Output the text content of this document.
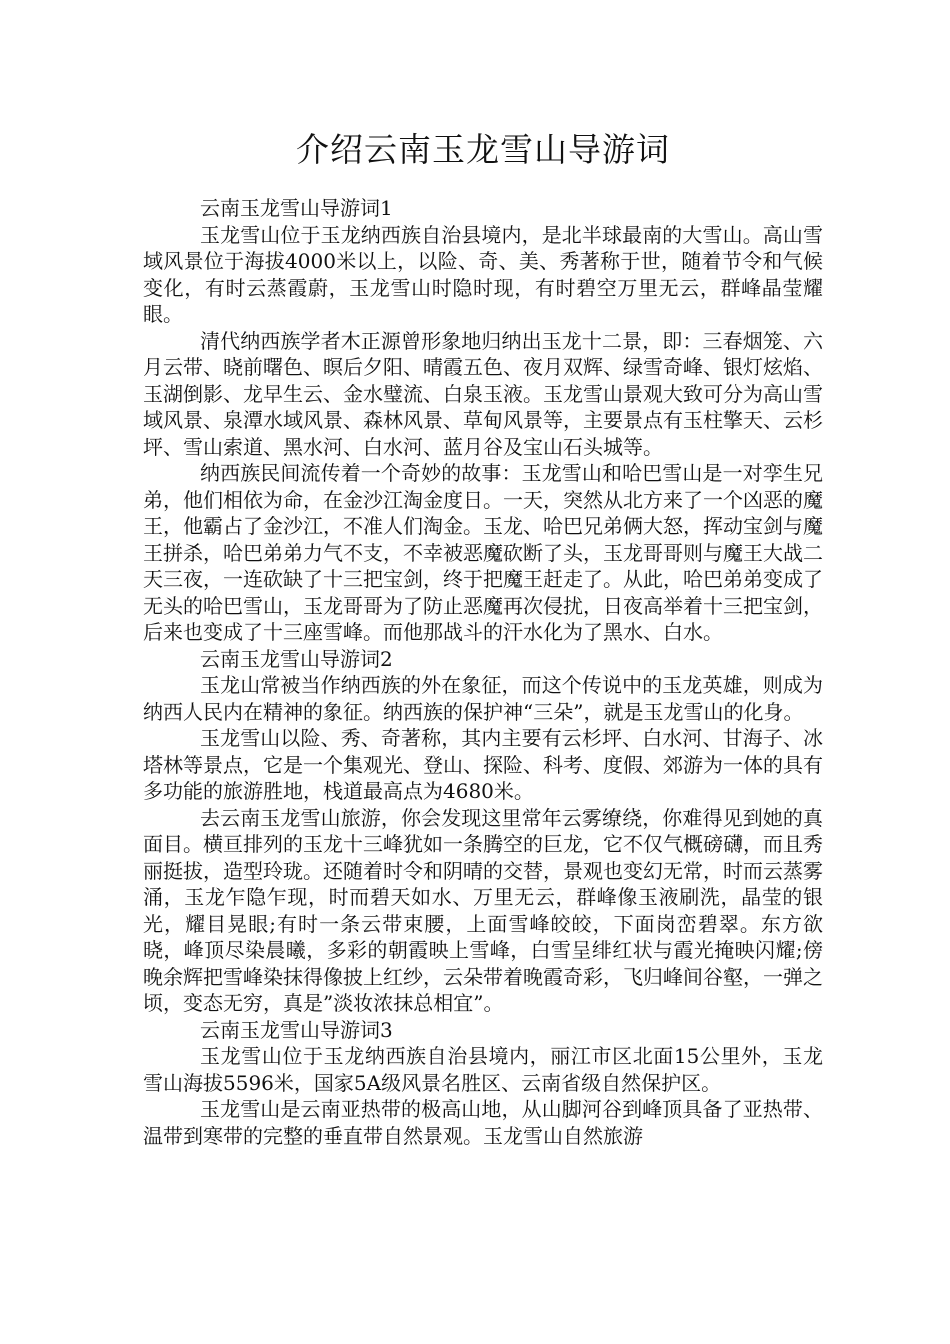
介绍云南玉龙雪山导游词

云南玉龙雪山导游词1

玉龙雪山位于玉龙纳西族自治县境内，是北半球最南的大雪山。高山雪域风景位于海拔4000米以上，以险、奇、美、秀著称于世，随着节令和气候变化，有时云蒸霞蔚，玉龙雪山时隐时现，有时碧空万里无云，群峰晶莹耀眼。

清代纳西族学者木正源曾形象地归纳出玉龙十二景，即：三春烟笼、六月云带、晓前曙色、暝后夕阳、晴霞五色、夜月双辉、绿雪奇峰、银灯炫焰、玉湖倒影、龙早生云、金水璧流、白泉玉液。玉龙雪山景观大致可分为高山雪域风景、泉潭水域风景、森林风景、草甸风景等，主要景点有玉柱擎天、云杉坪、雪山索道、黑水河、白水河、蓝月谷及宝山石头城等。

纳西族民间流传着一个奇妙的故事：玉龙雪山和哈巴雪山是一对孪生兄弟，他们相依为命，在金沙江淘金度日。一天，突然从北方来了一个凶恶的魔王，他霸占了金沙江，不准人们淘金。玉龙、哈巴兄弟俩大怒，挥动宝剑与魔王拼杀，哈巴弟弟力气不支，不幸被恶魔砍断了头，玉龙哥哥则与魔王大战二天三夜，一连砍缺了十三把宝剑，终于把魔王赶走了。从此，哈巴弟弟变成了无头的哈巴雪山，玉龙哥哥为了防止恶魔再次侵扰，日夜高举着十三把宝剑，后来也变成了十三座雪峰。而他那战斗的汗水化为了黑水、白水。

云南玉龙雪山导游词2

玉龙山常被当作纳西族的外在象征，而这个传说中的玉龙英雄，则成为纳西人民内在精神的象征。纳西族的保护神“三朵”，就是玉龙雪山的化身。

玉龙雪山以险、秀、奇著称，其内主要有云杉坪、白水河、甘海子、冰塔林等景点，它是一个集观光、登山、探险、科考、度假、郊游为一体的具有多功能的旅游胜地，栈道最高点为4680米。

去云南玉龙雪山旅游，你会发现这里常年云雾缭绕，你难得见到她的真面目。横亘排列的玉龙十三峰犹如一条腾空的巨龙，它不仅气概磅礴，而且秀丽挺拔，造型玲珑。还随着时令和阴晴的交替，景观也变幻无常，时而云蒸雾涌，玉龙乍隐乍现，时而碧天如水、万里无云，群峰像玉液刷洗，晶莹的银光，耀目晃眼;有时一条云带束腰，上面雪峰皎皎，下面岗峦碧翠。东方欲晓，峰顶尽染晨曦，多彩的朝霞映上雪峰，白雪呈绯红状与霞光掩映闪耀;傍晚余辉把雪峰染抹得像披上红纱，云朵带着晚霞奇彩，飞归峰间谷壑，一弹之顷，变态无穷，真是”淡妆浓抹总相宜”。

云南玉龙雪山导游词3

玉龙雪山位于玉龙纳西族自治县境内，丽江市区北面15公里外，玉龙雪山海拔5596米，国家5A级风景名胜区、云南省级自然保护区。

玉龙雪山是云南亚热带的极高山地，从山脚河谷到峰顶具备了亚热带、温带到寒带的完整的垂直带自然景观。玉龙雪山自然旅游
